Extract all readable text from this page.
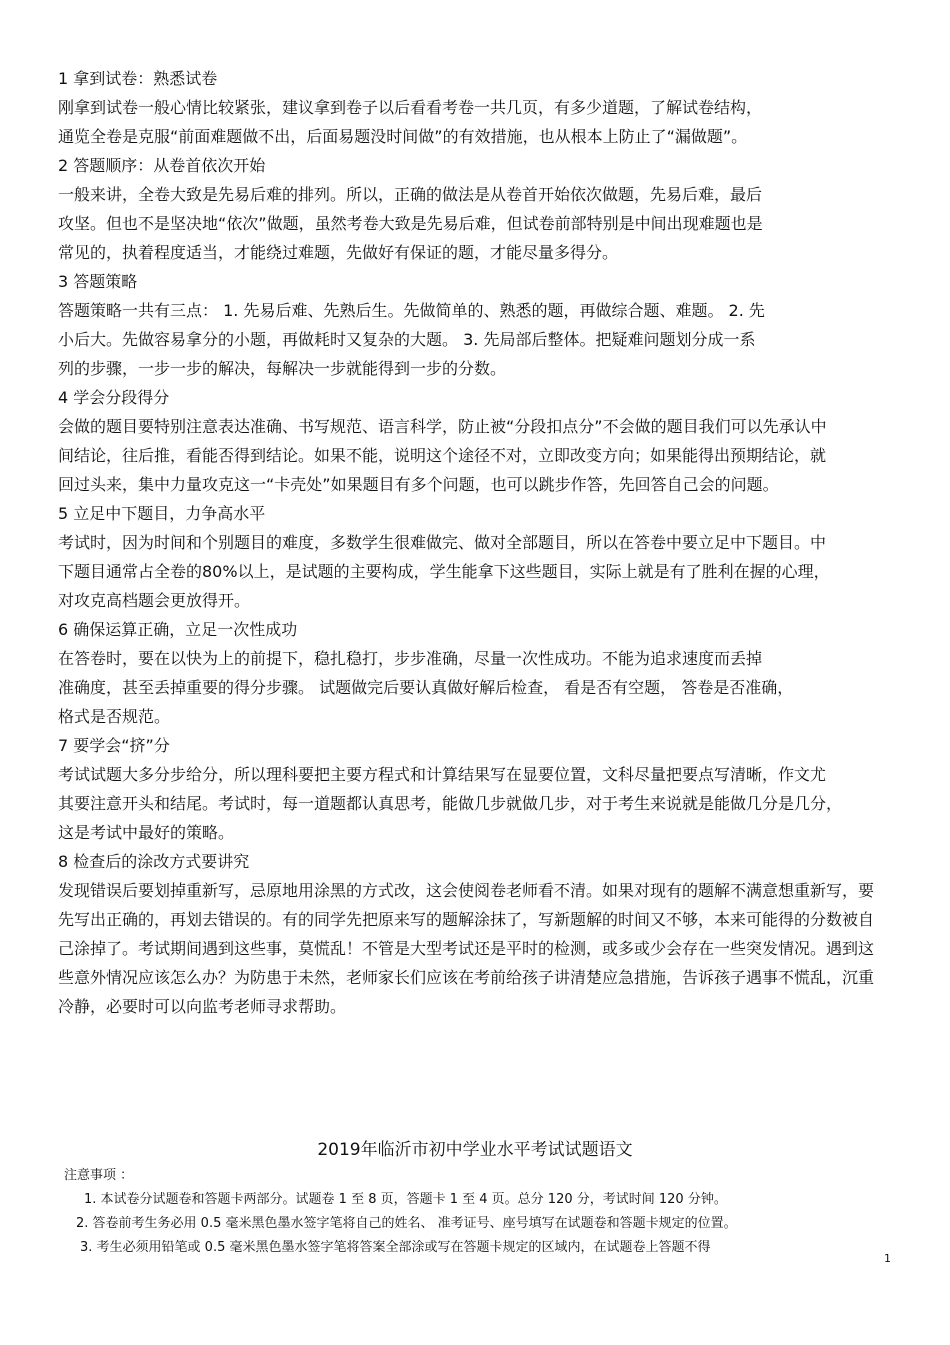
1 拿到试卷：熟悉试卷
刚拿到试卷一般心情比较紧张，建议拿到卷子以后看看考卷一共几页，有多少道题，了解试卷结构，
通览全卷是克服“前面难题做不出，后面易题没时间做”的有效措施，也从根本上防止了“漏做题”。
2 答题顺序：从卷首依次开始
一般来讲，全卷大致是先易后难的排列。所以，正确的做法是从卷首开始依次做题，先易后难，最后
攻坚。但也不是坚决地“依次”做题，虽然考卷大致是先易后难，但试卷前部特别是中间出现难题也是
常见的，执着程度适当，才能绕过难题，先做好有保证的题，才能尽量多得分。
3 答题策略
答题策略一共有三点： 1. 先易后难、先熟后生。先做简单的、熟悉的题，再做综合题、难题。 2. 先
小后大。先做容易拿分的小题，再做耗时又复杂的大题。 3. 先局部后整体。把疑难问题划分成一系
列的步骤，一步一步的解决，每解决一步就能得到一步的分数。
4 学会分段得分
会做的题目要特别注意表达准确、书写规范、语言科学，防止被“分段扣点分”不会做的题目我们可以先承认中
间结论，往后推，看能否得到结论。如果不能，说明这个途径不对，立即改变方向；如果能得出预期结论，就
回过头来，集中力量攻克这一“卡壳处”如果题目有多个问题，也可以跳步作答，先回答自己会的问题。
5 立足中下题目，力争高水平
考试时，因为时间和个别题目的难度，多数学生很难做完、做对全部题目，所以在答卷中要立足中下题目。中
下题目通常占全卷的80%以上，是试题的主要构成，学生能拿下这些题目，实际上就是有了胜利在握的心理，
对攻克高档题会更放得开。
6 确保运算正确，立足一次性成功
在答卷时，要在以快为上的前提下，稳扎稳打，步步准确，尽量一次性成功。不能为追求速度而丢掉
准确度，甚至丢掉重要的得分步骤。 试题做完后要认真做好解后检查， 看是否有空题， 答卷是否准确，
格式是否规范。
7 要学会“挤”分
考试试题大多分步给分，所以理科要把主要方程式和计算结果写在显要位置，文科尽量把要点写清晰，作文尤
其要注意开头和结尾。考试时，每一道题都认真思考，能做几步就做几步，对于考生来说就是能做几分是几分，
这是考试中最好的策略。
8 检查后的涂改方式要讲究
发现错误后要划掉重新写，忌原地用涂黑的方式改，这会使阅卷老师看不清。如果对现有的题解不满意想重新写，要
先写出正确的，再划去错误的。有的同学先把原来写的题解涂抹了，写新题解的时间又不够，本来可能得的分数被自
己涂掉了。考试期间遇到这些事，莫慌乱！不管是大型考试还是平时的检测，或多或少会存在一些突发情况。遇到这
些意外情况应该怎么办？为防患于未然，老师家长们应该在考前给孩子讲清楚应急措施，告诉孩子遇事不慌乱，沉重
冷静，必要时可以向监考老师寻求帮助。
2019年临沂市初中学业水平考试试题语文
注意事项 ：
1. 本试卷分试题卷和答题卡两部分。试题卷 1 至 8 页，答题卡 1 至 4 页。总分 120 分，考试时间 120 分钟。
2. 答卷前考生务必用 0.5 毫米黑色墨水签字笔将自己的姓名、 准考证号、座号填写在试题卷和答题卡规定的位置。
3. 考生必须用铅笔或 0.5 毫米黑色墨水签字笔将答案全部涂或写在答题卡规定的区域内，在试题卷上答题不得
1
